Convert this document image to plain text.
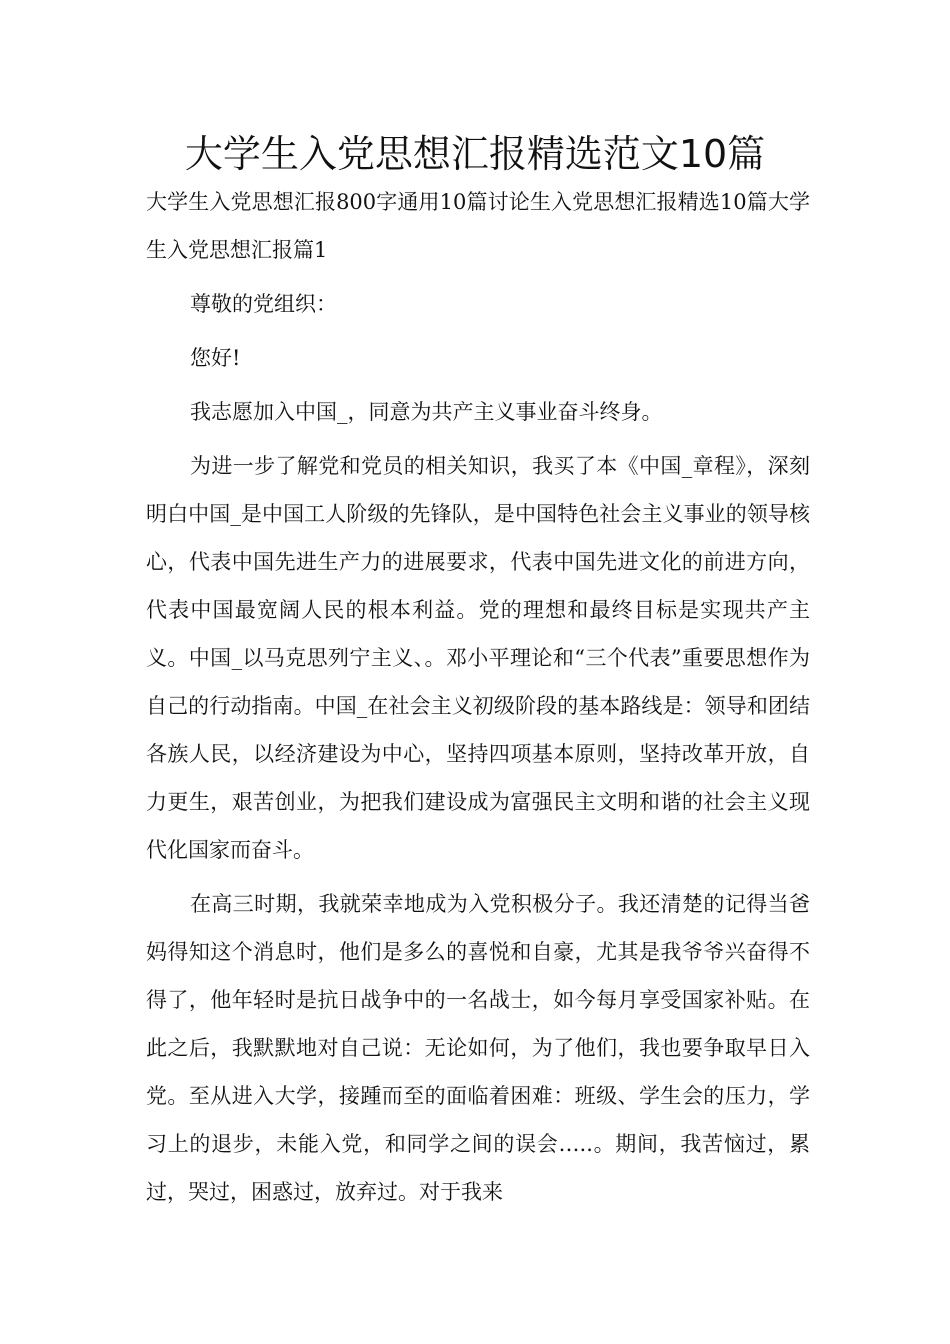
大学生入党思想汇报精选范文10篇

大学生入党思想汇报800字通用10篇讨论生入党思想汇报精选10篇大学生入党思想汇报篇1

尊敬的党组织：

您好!

我志愿加入中国_，同意为共产主义事业奋斗终身。

为进一步了解党和党员的相关知识，我买了本《中国_章程》，深刻明白中国_是中国工人阶级的先锋队，是中国特色社会主义事业的领导核心，代表中国先进生产力的进展要求，代表中国先进文化的前进方向，代表中国最宽阔人民的根本利益。党的理想和最终目标是实现共产主义。中国_以马克思列宁主义、。邓小平理论和“三个代表”重要思想作为自己的行动指南。中国_在社会主义初级阶段的基本路线是：领导和团结各族人民，以经济建设为中心，坚持四项基本原则，坚持改革开放，自力更生，艰苦创业，为把我们建设成为富强民主文明和谐的社会主义现代化国家而奋斗。

在高三时期，我就荣幸地成为入党积极分子。我还清楚的记得当爸妈得知这个消息时，他们是多么的喜悦和自豪，尤其是我爷爷兴奋得不得了，他年轻时是抗日战争中的一名战士，如今每月享受国家补贴。在此之后，我默默地对自己说：无论如何，为了他们，我也要争取早日入党。至从进入大学，接踵而至的面临着困难：班级、学生会的压力，学习上的退步，未能入党，和同学之间的误会…..。期间，我苦恼过，累过，哭过，困惑过，放弃过。对于我来
